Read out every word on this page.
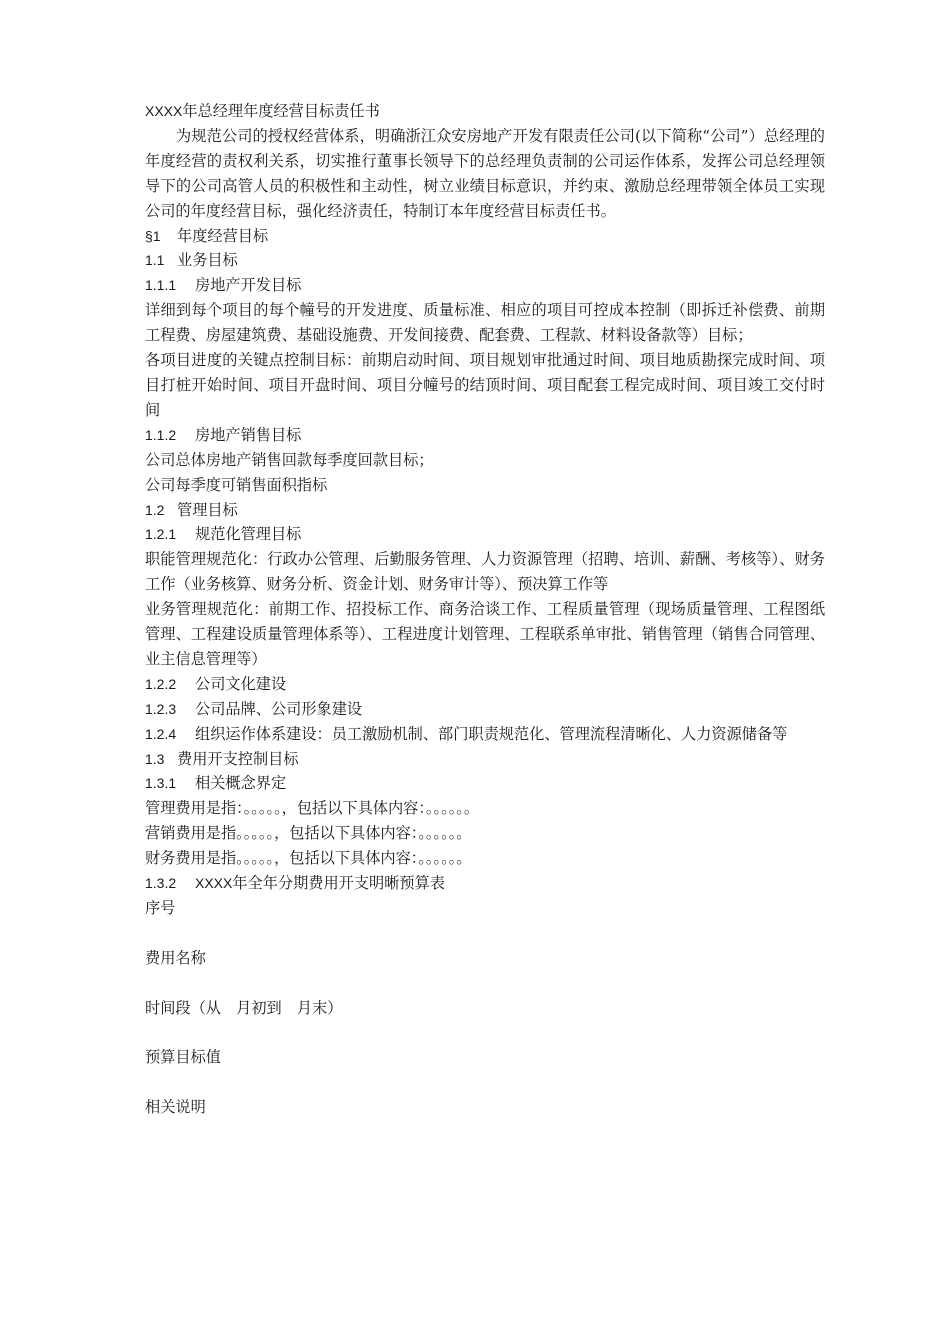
XXXX年总经理年度经营目标责任书

为规范公司的授权经营体系，明确浙江众安房地产开发有限责任公司(以下简称“公司”）总经理的年度经营的责权利关系，切实推行董事长领导下的总经理负责制的公司运作体系，发挥公司总经理领导下的公司高管人员的积极性和主动性，树立业绩目标意识，并约束、激励总经理带领全体员工实现公司的年度经营目标，强化经济责任，特制订本年度经营目标责任书。

§1 年度经营目标

1.1 业务目标

1.1.1 房地产开发目标

详细到每个项目的每个幢号的开发进度、质量标准、相应的项目可控成本控制（即拆迁补偿费、前期工程费、房屋建筑费、基础设施费、开发间接费、配套费、工程款、材料设备款等）目标；

各项目进度的关键点控制目标：前期启动时间、项目规划审批通过时间、项目地质勘探完成时间、项目打桩开始时间、项目开盘时间、项目分幢号的结顶时间、项目配套工程完成时间、项目竣工交付时间

1.1.2 房地产销售目标

公司总体房地产销售回款每季度回款目标；

公司每季度可销售面积指标

1.2 管理目标

1.2.1 规范化管理目标

职能管理规范化：行政办公管理、后勤服务管理、人力资源管理（招聘、培训、薪酬、考核等）、财务工作（业务核算、财务分析、资金计划、财务审计等）、预决算工作等

业务管理规范化：前期工作、招投标工作、商务洽谈工作、工程质量管理（现场质量管理、工程图纸管理、工程建设质量管理体系等）、工程进度计划管理、工程联系单审批、销售管理（销售合同管理、业主信息管理等）

1.2.2 公司文化建设

1.2.3 公司品牌、公司形象建设

1.2.4 组织运作体系建设：员工激励机制、部门职责规范化、管理流程清晰化、人力资源储备等

1.3 费用开支控制目标

1.3.1 相关概念界定

管理费用是指：。。。。。，包括以下具体内容：。。。。。。

营销费用是指。。。。。，包括以下具体内容：。。。。。。

财务费用是指。。。。。，包括以下具体内容：。。。。。。

1.3.2 XXXX年全年分期费用开支明晰预算表

序号

费用名称

时间段（从　月初到　月末）

预算目标值

相关说明
